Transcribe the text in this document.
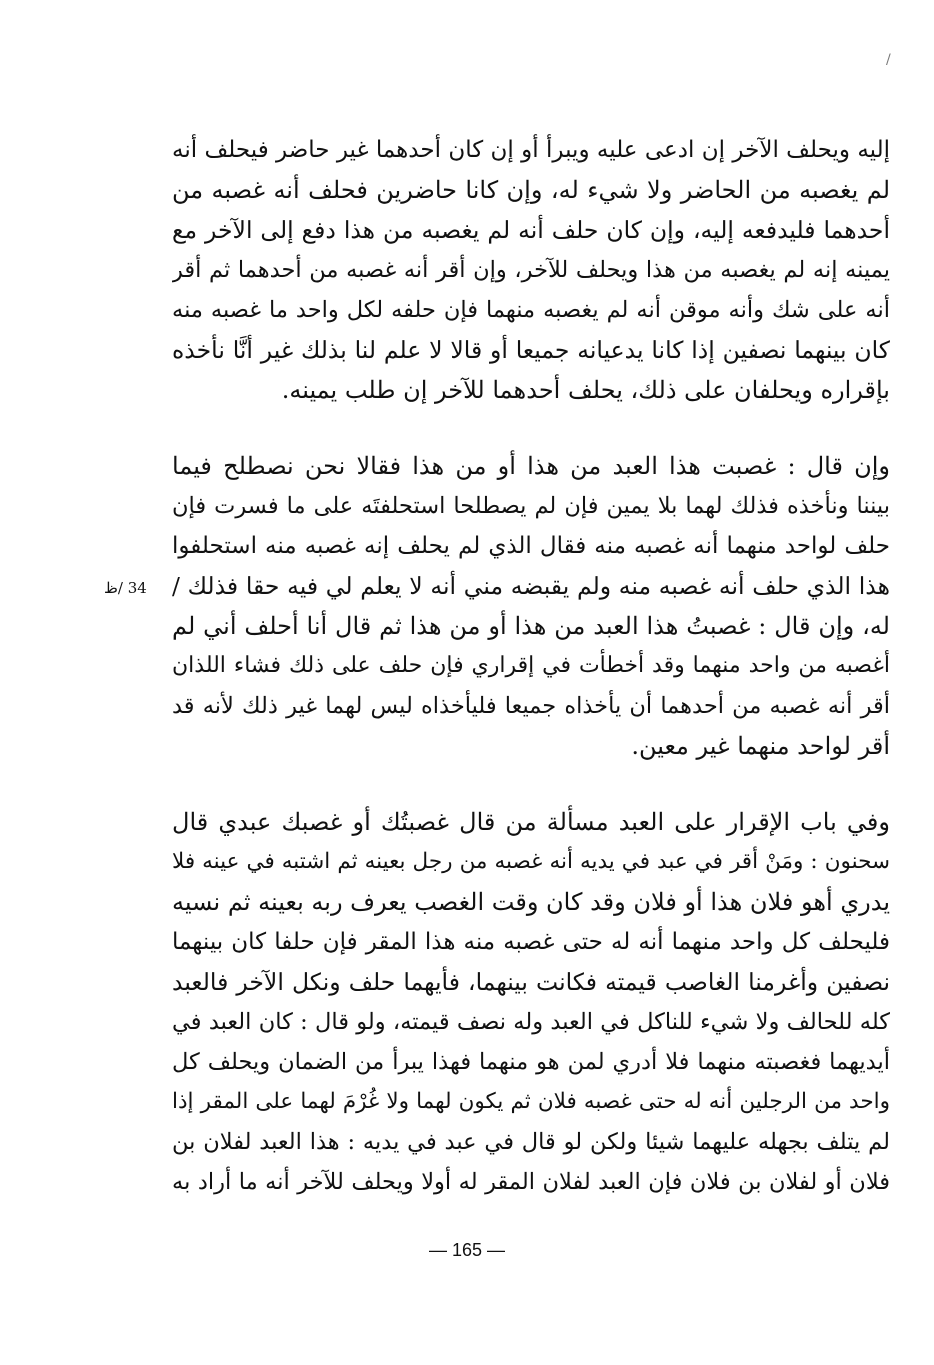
/
إليه ويحلف الآخر إن ادعى عليه ويبرأ أو إن كان أحدهما غير حاضر فيحلف أنه
لم يغصبه من الحاضر ولا شيء له، وإن كانا حاضرين فحلف أنه غصبه من
أحدهما فليدفعه إليه، وإن كان حلف أنه لم يغصبه من هذا دفع إلى الآخر مع
يمينه إنه لم يغصبه من هذا ويحلف للآخر، وإن أقر أنه غصبه من أحدهما ثم أقر
أنه على شك وأنه موقن أنه لم يغصبه منهما فإن حلفه لكل واحد ما غصبه منه
كان بينهما نصفين إذا كانا يدعيانه جميعا أو قالا لا علم لنا بذلك غير أنَّا نأخذه
بإقراره ويحلفان على ذلك، يحلف أحدهما للآخر إن طلب يمينه.
وإن قال : غصبت هذا العبد من هذا أو من هذا فقالا نحن نصطلح فيما
بيننا ونأخذه فذلك لهما بلا يمين فإن لم يصطلحا استحلفتَه على ما فسرت فإن
حلف لواحد منهما أنه غصبه منه فقال الذي لم يحلف إنه غصبه منه استحلفوا
هذا الذي حلف أنه غصبه منه ولم يقبضه مني أنه لا يعلم لي فيه حقا فذلك /
له، وإن قال : غصبتُ هذا العبد من هذا أو من هذا ثم قال أنا أحلف أني لم
أغصبه من واحد منهما وقد أخطأت في إقراري فإن حلف على ذلك فشاء اللذان
أقر أنه غصبه من أحدهما أن يأخذاه جميعا فليأخذاه ليس لهما غير ذلك لأنه قد
أقر لواحد منهما غير معين.
34 /ظ
وفي باب الإقرار على العبد مسألة من قال غصبتُك أو غصبك عبدي قال
سحنون : ومَنْ أقر في عبد في يديه أنه غصبه من رجل بعينه ثم اشتبه في عينه فلا
يدري أهو فلان هذا أو فلان وقد كان وقت الغصب يعرف ربه بعينه ثم نسيه
فليحلف كل واحد منهما أنه له حتى غصبه منه هذا المقر فإن حلفا كان بينهما
نصفين وأغرمنا الغاصب قيمته فكانت بينهما، فأيهما حلف ونكل الآخر فالعبد
كله للحالف ولا شيء للناكل في العبد وله نصف قيمته، ولو قال : كان العبد في
أيديهما فغصبته منهما فلا أدري لمن هو منهما فهذا يبرأ من الضمان ويحلف كل
واحد من الرجلين أنه له حتى غصبه فلان ثم يكون لهما ولا غُرْمَ لهما على المقر إذا
لم يتلف بجهله عليهما شيئا ولكن لو قال في عبد في يديه : هذا العبد لفلان بن
فلان أو لفلان بن فلان فإن العبد لفلان المقر له أولا ويحلف للآخر أنه ما أراد به
— 165 —
